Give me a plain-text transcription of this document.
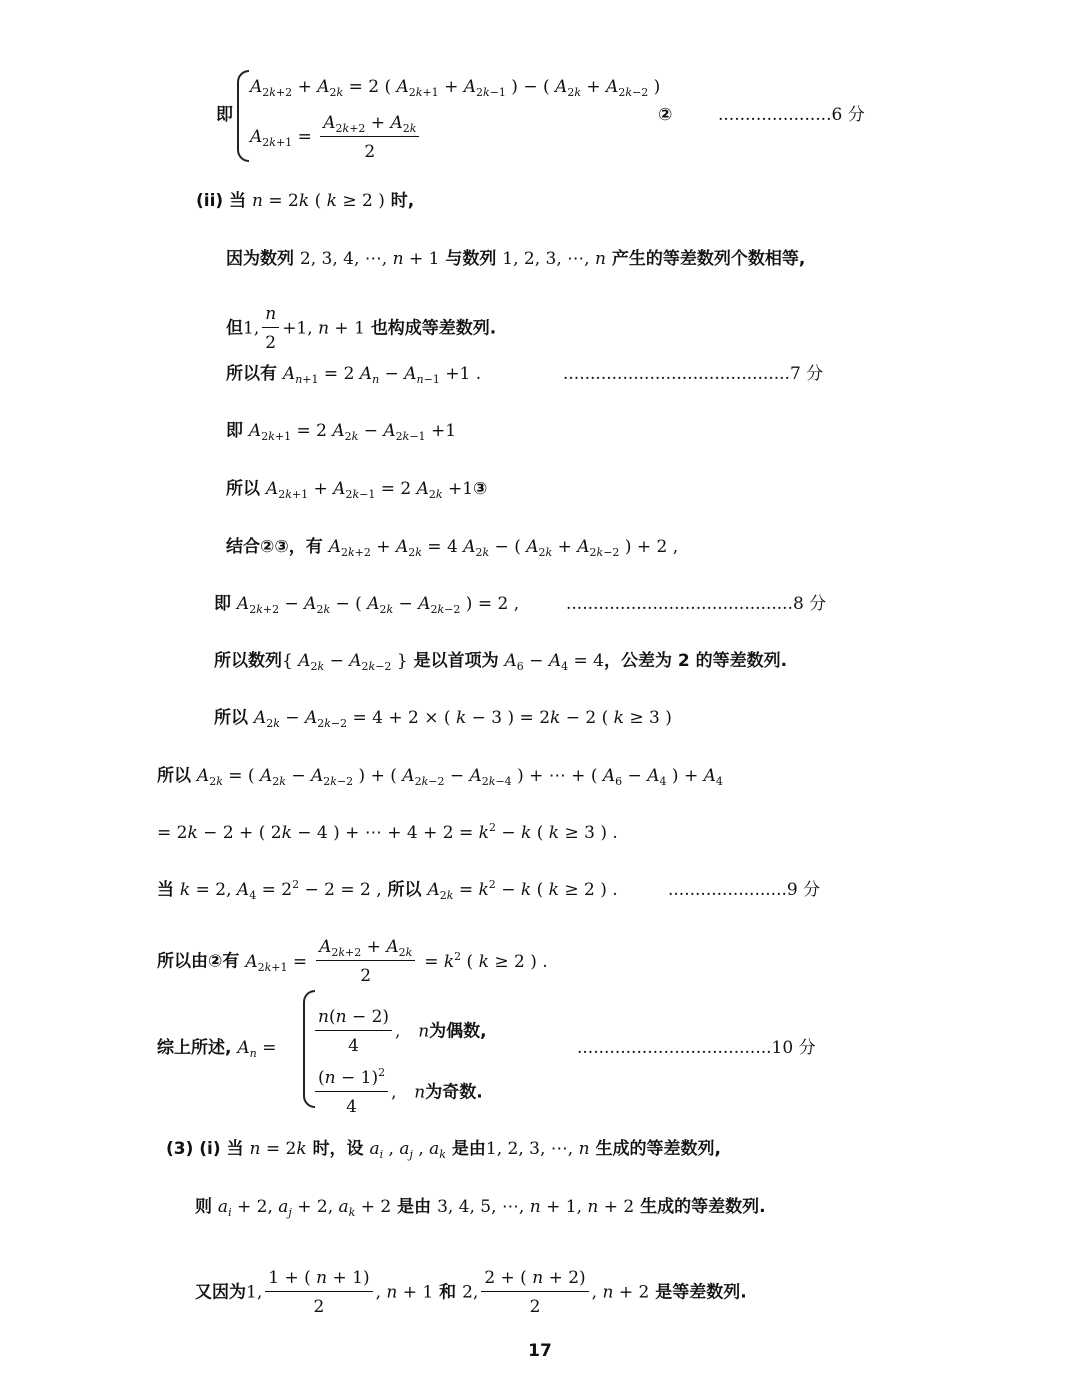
即
$A_{2k+2} + A_{2k} = 2$ ( $A_{2k+1} + A_{2k-1}$ ) − ( $A_{2k} + A_{2k-2}$ )
$A_{2k+1} = \frac{A_{2k+2} + A_{2k}}{2}$	②	.....................6 分
(ii) 当 n = 2k ( k ≥ 2 ) 时,
因为数列 2, 3, 4, ⋯, n + 1 与数列 1, 2, 3, ⋯, n 产生的等差数列个数相等,
但1, $\frac{n}{2} +1$, n + 1 也构成等差数列.
所以有 $A_{n+1} = 2$ $A_n - A_{n-1} +1$ .	..........................................7 分
即 $A_{2k+1} = 2$ $A_{2k} - A_{2k-1} +1$
所以 $A_{2k+1} + A_{2k-1} = 2$ $A_{2k}$ +1③
结合②③，有 $A_{2k+2} + A_{2k} = 4$ $A_{2k}$ − ( $A_{2k} + A_{2k-2}$ ) + 2 ,
即 $A_{2k+2} - A_{2k}$ − ( $A_{2k} - A_{2k-2}$ ) = 2 ,	..........................................8 分
所以数列{ $A_{2k} - A_{2k-2}$ } 是以首项为 $A_6 - A_4 = 4$，公差为 2 的等差数列.
所以 $A_{2k} - A_{2k-2} = 4 + 2$ × ( k − 3 ) = 2k − 2 ( k ≥ 3 )
所以 $A_{2k}$ = ( $A_{2k} - A_{2k-2}$ ) + ( $A_{2k-2} - A_{2k-4}$ ) + ⋯ + ( $A_6 - A_4$ ) + $A_4$
= 2k − 2 + ( 2k − 4 ) + ⋯ + $4 + 2 = k^2 - k$ ( k ≥ 3 ) .
当 k = 2, $A_4 = 2^2 - 2 = 2$ , 所以 $A_{2k} = k^2 - k$ ( k ≥ 2 ) .	......................9 分
所以由②有 $A_{2k+1} = \frac{A_{2k+2} + A_{2k}}{2} = k^2$ ( k ≥ 2 ) .
综上所述, $A_n = \frac{n(n - 2)}{4}$ , n为偶数,
$\frac{(n - 1)^2}{4}$ , n为奇数.
....................................10 分
(3) (i) 当 n = 2k 时，设 $a_i$ , $a_j$ , $a_k$ 是由1, 2, 3, ⋯, n 生成的等差数列,
则 $a_i + 2$, $a_j + 2$, $a_k + 2$ 是由 3, 4, 5, ⋯, n + 1, n + 2 生成的等差数列.
又因为1, $\frac{1 + ( n + 1)}{2}$ , n + 1 和 2, $\frac{2 + ( n + 2)}{2}$ , n + 2 是等差数列.
17
